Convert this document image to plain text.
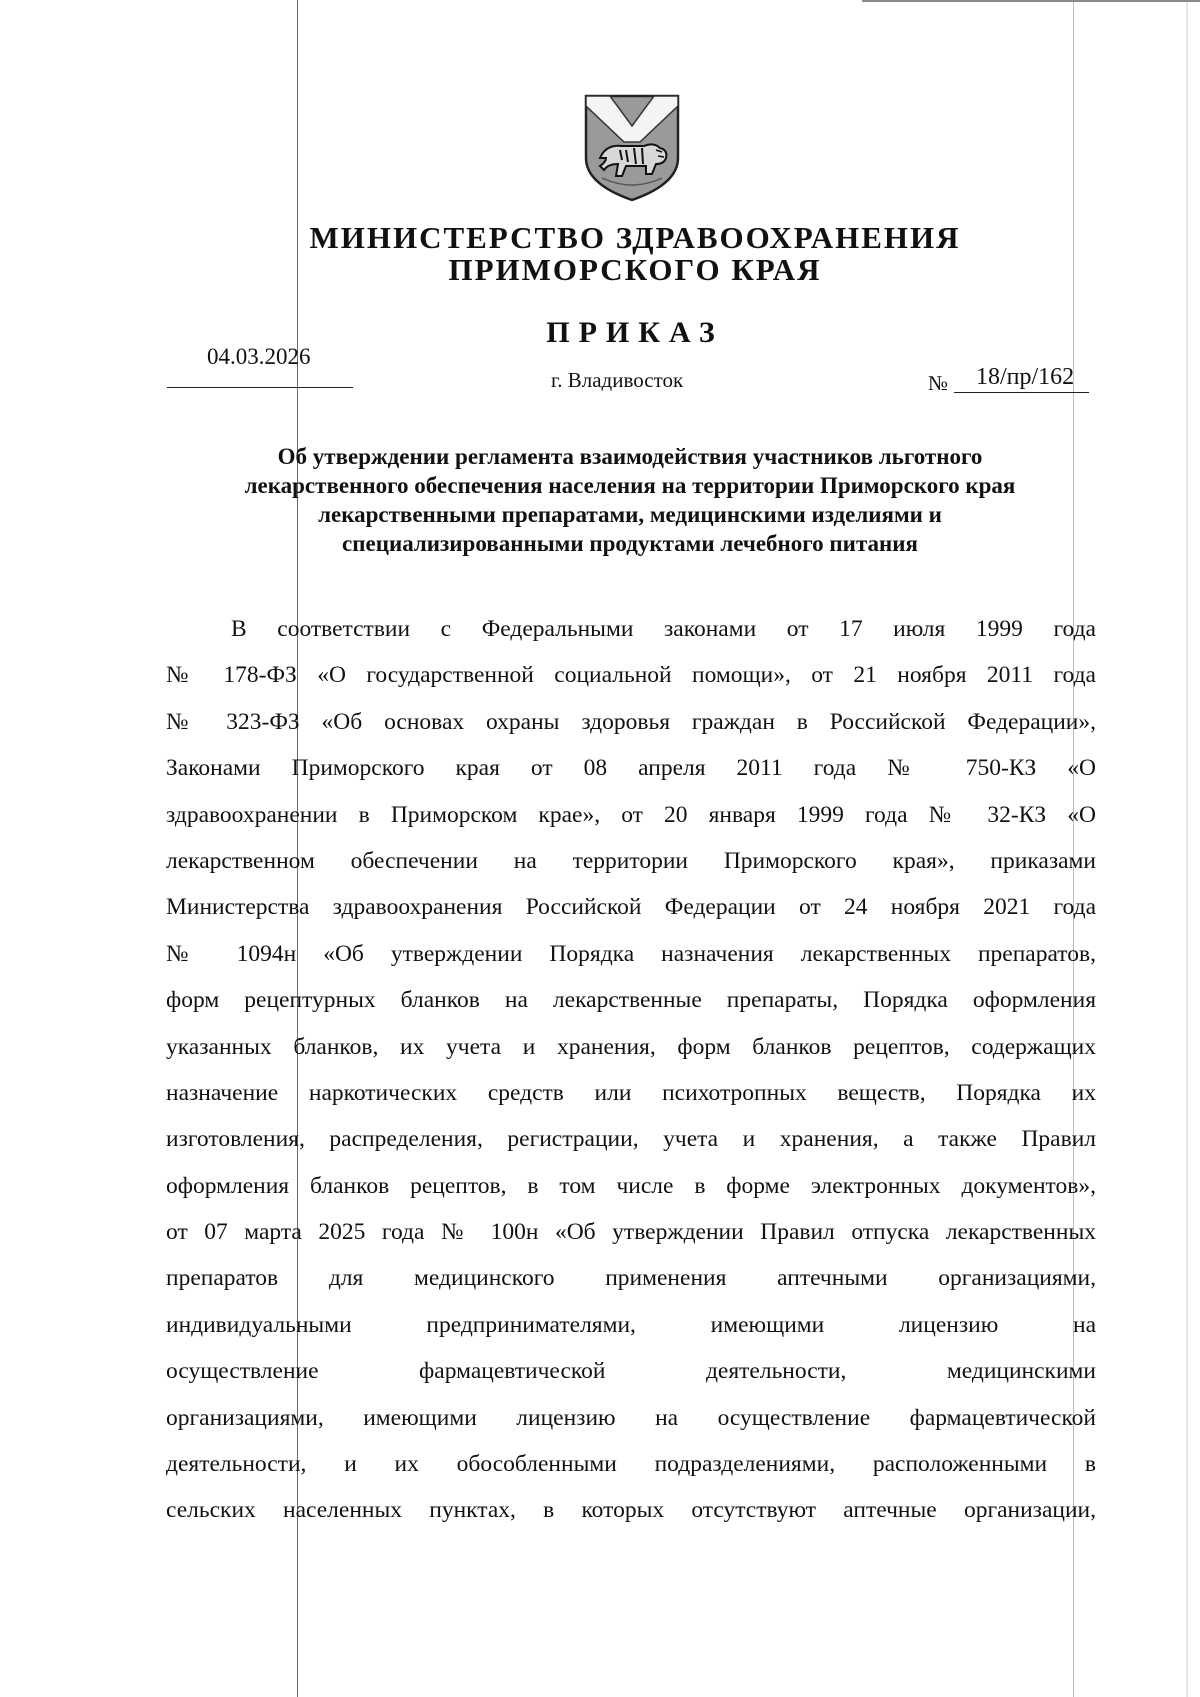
МИНИСТЕРСТВО ЗДРАВООХРАНЕНИЯ
ПРИМОРСКОГО КРАЯ
ПРИКАЗ
04.03.2026
г. Владивосток	№ 18/пр/162
Об утверждении регламента взаимодействия участников льготного
лекарственного обеспечения населения на территории Приморского края
лекарственными препаратами, медицинскими изделиями и
специализированными продуктами лечебного питания
В соответствии с Федеральными законами от 17 июля 1999 года
№ 178-ФЗ «О государственной социальной помощи», от 21 ноября 2011 года
№ 323-ФЗ «Об основах охраны здоровья граждан в Российской Федерации»,
Законами Приморского края от 08 апреля 2011 года № 750-КЗ «О
здравоохранении в Приморском крае», от 20 января 1999 года № 32-КЗ «О
лекарственном обеспечении на территории Приморского края», приказами
Министерства здравоохранения Российской Федерации от 24 ноября 2021 года
№ 1094н «Об утверждении Порядка назначения лекарственных препаратов,
форм рецептурных бланков на лекарственные препараты, Порядка оформления
указанных бланков, их учета и хранения, форм бланков рецептов, содержащих
назначение наркотических средств или психотропных веществ, Порядка их
изготовления, распределения, регистрации, учета и хранения, а также Правил
оформления бланков рецептов, в том числе в форме электронных документов»,
от 07 марта 2025 года № 100н «Об утверждении Правил отпуска лекарственных
препаратов для медицинского применения аптечными организациями,
индивидуальными предпринимателями, имеющими лицензию на
осуществление фармацевтической деятельности, медицинскими
организациями, имеющими лицензию на осуществление фармацевтической
деятельности, и их обособленными подразделениями, расположенными в
сельских населенных пунктах, в которых отсутствуют аптечные организации,
